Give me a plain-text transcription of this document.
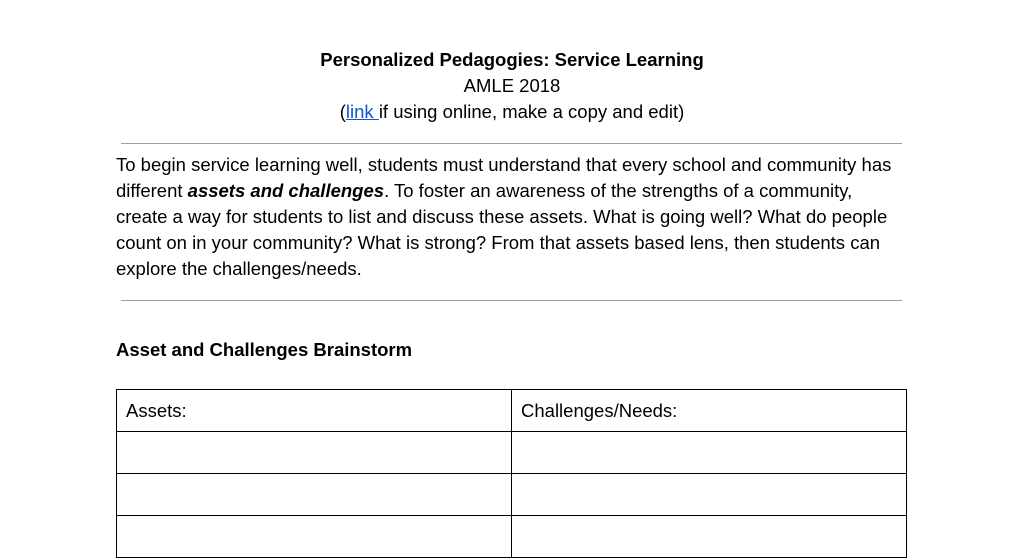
Personalized Pedagogies: Service Learning
AMLE 2018
(link if using online, make a copy and edit)
To begin service learning well, students must understand that every school and community has different assets and challenges. To foster an awareness of the strengths of a community, create a way for students to list and discuss these assets. What is going well? What do people count on in your community? What is strong? From that assets based lens, then students can explore the challenges/needs.
Asset and Challenges Brainstorm
Assets:	Challenges/Needs:
